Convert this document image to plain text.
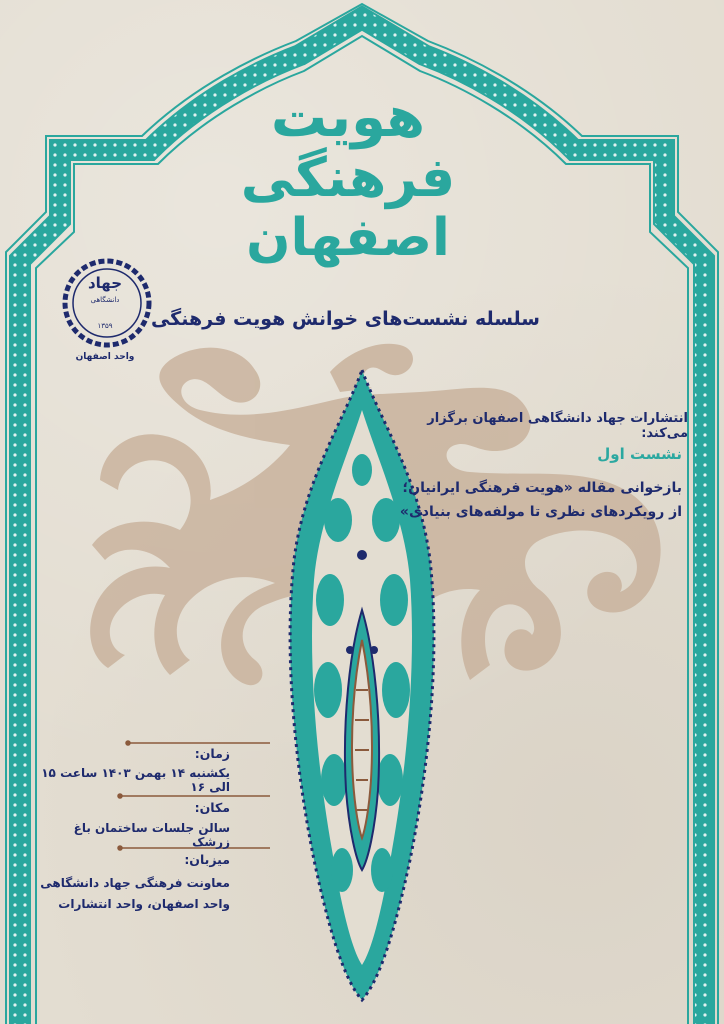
هویت
فرهنگی
اصفهان
جهاد
دانشگاهی
۱۳۵۹
واحد اصفهان
سلسله نشست‌های خوانش هویت فرهنگی
انتشارات جهاد دانشگاهی اصفهان برگزار می‌کند:
نشست اول
بازخوانی مقاله «هویت فرهنگی ایرانیان؛
از رویکردهای نظری تا مولفه‌های بنیادی»
زمان:
یکشنبه ۱۴ بهمن ۱۴۰۳ ساعت ۱۵ الی ۱۶
مکان:
سالن جلسات ساختمان باغ زرشک
میزبان:
معاونت فرهنگی جهاد دانشگاهی
واحد اصفهان، واحد انتشارات
